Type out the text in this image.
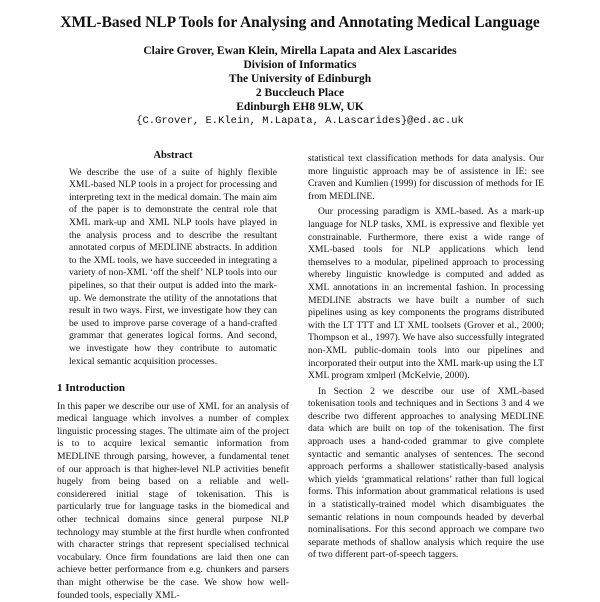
XML-Based NLP Tools for Analysing and Annotating Medical Language
Claire Grover, Ewan Klein, Mirella Lapata and Alex Lascarides
Division of Informatics
The University of Edinburgh
2 Buccleuch Place
Edinburgh EH8 9LW, UK
{C.Grover, E.Klein, M.Lapata, A.Lascarides}@ed.ac.uk
Abstract

We describe the use of a suite of highly flexible XML-based NLP tools in a project for processing and interpreting text in the medical domain. The main aim of the paper is to demonstrate the central role that XML mark-up and XML NLP tools have played in the analysis process and to describe the resultant annotated corpus of MEDLINE abstracts. In addition to the XML tools, we have succeeded in integrating a variety of non-XML ‘off the shelf’ NLP tools into our pipelines, so that their output is added into the mark-up. We demonstrate the utility of the annotations that result in two ways. First, we investigate how they can be used to improve parse coverage of a hand-crafted grammar that generates logical forms. And second, we investigate how they contribute to automatic lexical semantic acquisition processes.

1 Introduction

In this paper we describe our use of XML for an analysis of medical language which involves a number of complex linguistic processing stages. The ultimate aim of the project is to to acquire lexical semantic information from MEDLINE through parsing, however, a fundamental tenet of our approach is that higher-level NLP activities benefit hugely from being based on a reliable and well-considerered initial stage of tokenisation. This is particularly true for language tasks in the biomedical and other technical domains since general purpose NLP technology may stumble at the first hurdle when confronted with character strings that represent specialised technical vocabulary. Once firm foundations are laid then one can achieve better performance from e.g. chunkers and parsers than might otherwise be the case. We show how well-founded tools, especially XML-

statistical text classification methods for data analysis. Our more linguistic approach may be of assistence in IE: see Craven and Kumlien (1999) for discussion of methods for IE from MEDLINE.

Our processing paradigm is XML-based. As a mark-up language for NLP tasks, XML is expressive and flexible yet constrainable. Furthermore, there exist a wide range of XML-based tools for NLP applications which lend themselves to a modular, pipelined approach to processing whereby linguistic knowledge is computed and added as XML annotations in an incremental fashion. In processing MEDLINE abstracts we have built a number of such pipelines using as key components the programs distributed with the LT TTT and LT XML toolsets (Grover et al., 2000; Thompson et al., 1997). We have also successfully integrated non-XML public-domain tools into our pipelines and incorporated their output into the XML mark-up using the LT XML program xmlperl (McKelvie, 2000).

In Section 2 we describe our use of XML-based tokenisation tools and techniques and in Sections 3 and 4 we describe two different approaches to analysing MEDLINE data which are built on top of the tokenisation. The first approach uses a hand-coded grammar to give complete syntactic and semantic analyses of sentences. The second approach performs a shallower statistically-based analysis which yields ‘grammatical relations’ rather than full logical forms. This information about grammatical relations is used in a statistically-trained model which disambiguates the semantic relations in noun compounds headed by deverbal nominalisations. For this second approach we compare two separate methods of shallow analysis which require the use of two different part-of-speech taggers.
